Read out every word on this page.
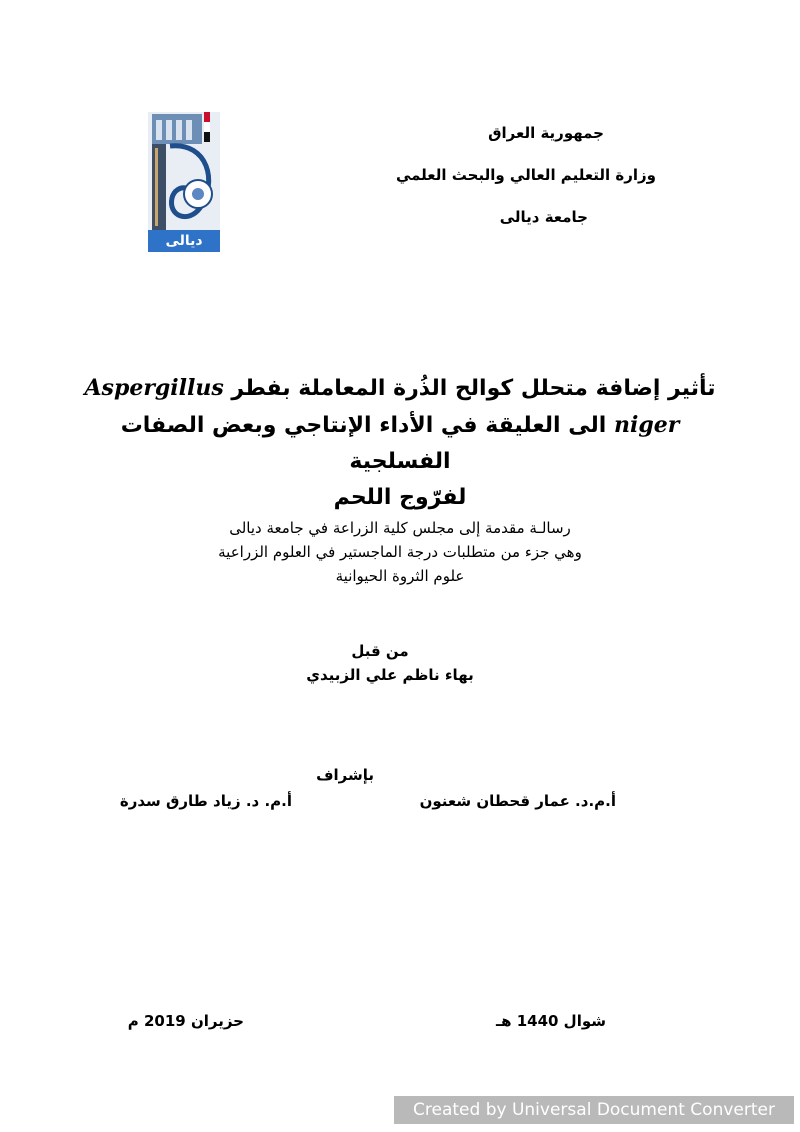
ديالى
جمهورية العراق
وزارة التعليم العالي والبحث العلمي
جامعة ديالى
تأثير إضافة متحلل كوالح الذُرة المعاملة بفطر Aspergillus
niger الى العليقة في الأداء الإنتاجي وبعض الصفات الفسلجية
لفرّوج اللحم
رسالـة مقدمة إلى مجلس كلية الزراعة في جامعة ديالى
وهي جزء من متطلبات درجة الماجستير في العلوم الزراعية
علوم الثروة الحيوانية
من قبل
بهاء ناظم علي الزبيدي
بإشراف
أ.م.د. عمار قحطان شعنون
أ.م. د. زياد طارق سدرة
شوال 1440 هـ
حزيران 2019 م
Created by Universal Document Converter
